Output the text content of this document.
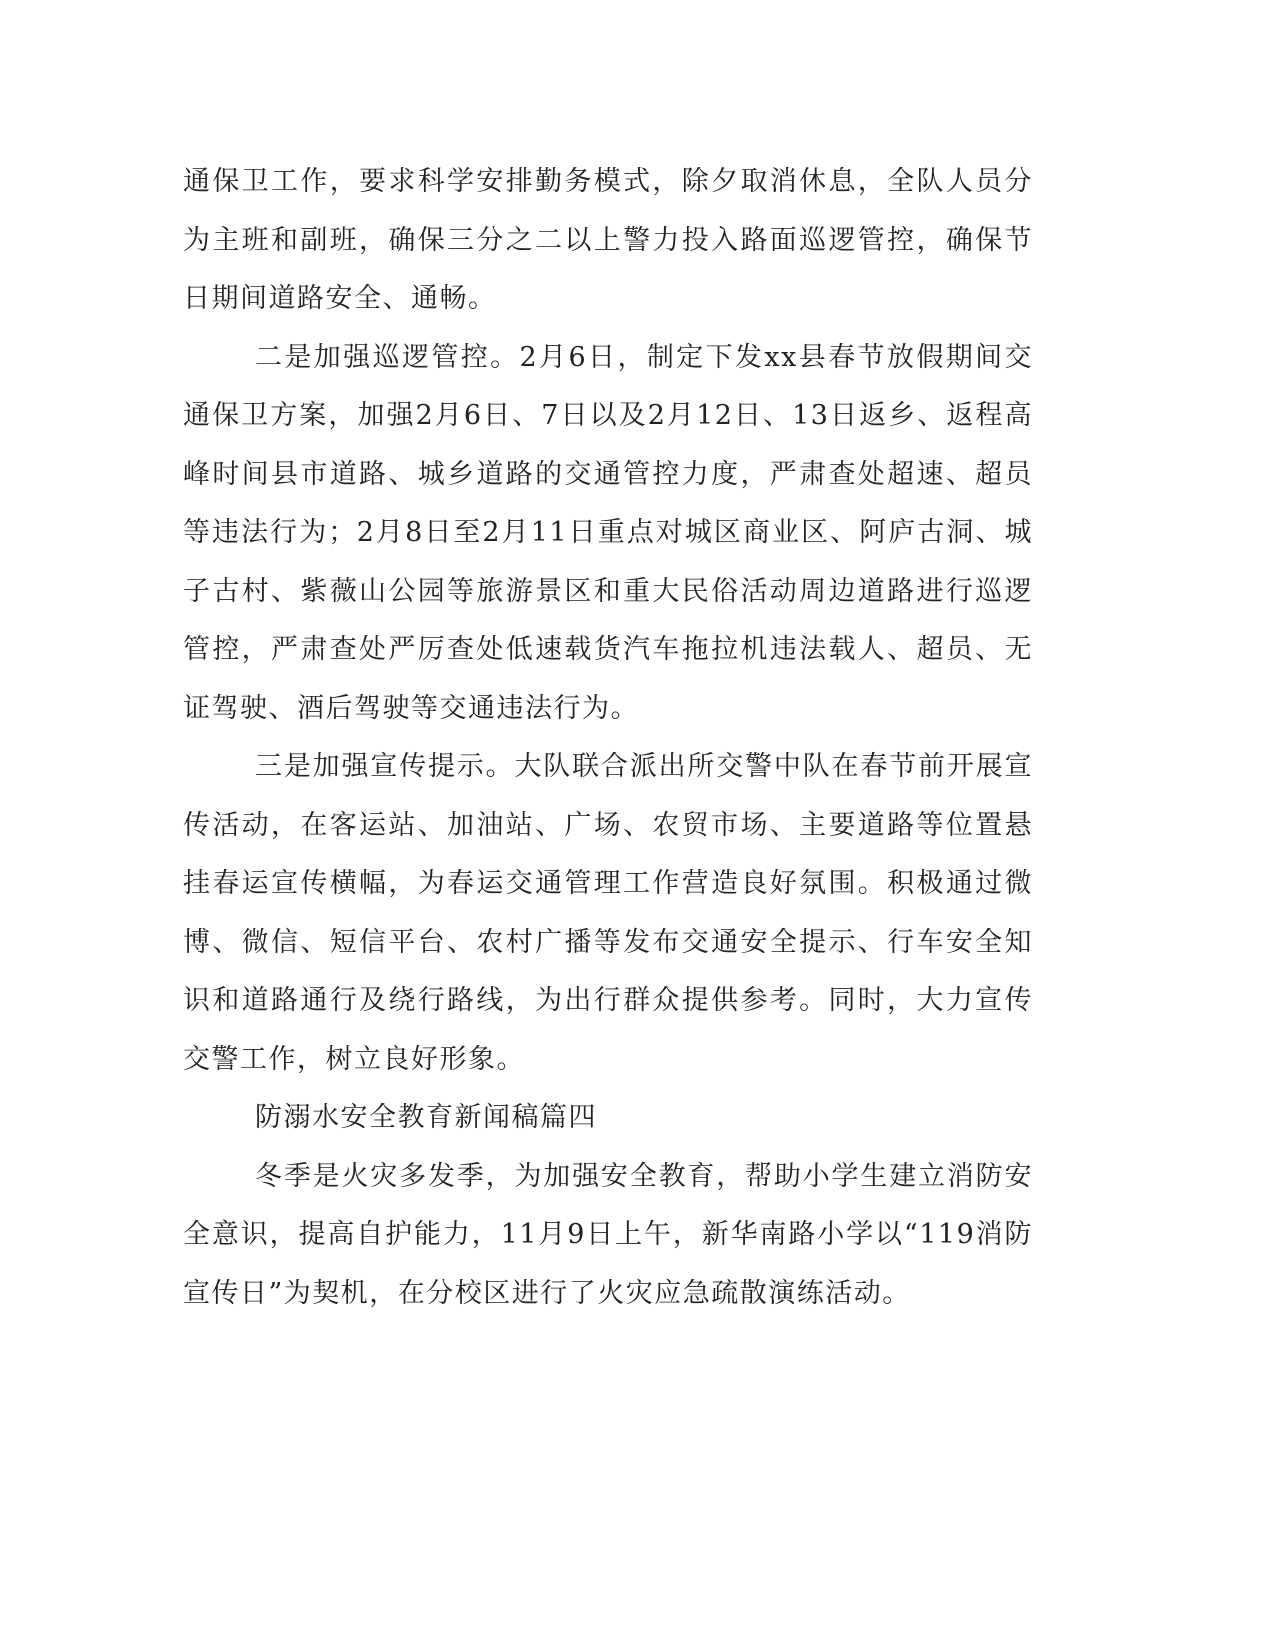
通保卫工作，要求科学安排勤务模式，除夕取消休息，全队人员分为主班和副班，确保三分之二以上警力投入路面巡逻管控，确保节日期间道路安全、通畅。

二是加强巡逻管控。2月6日，制定下发xx县春节放假期间交通保卫方案，加强2月6日、7日以及2月12日、13日返乡、返程高峰时间县市道路、城乡道路的交通管控力度，严肃查处超速、超员等违法行为；2月8日至2月11日重点对城区商业区、阿庐古洞、城子古村、紫薇山公园等旅游景区和重大民俗活动周边道路进行巡逻管控，严肃查处严厉查处低速载货汽车拖拉机违法载人、超员、无证驾驶、酒后驾驶等交通违法行为。

三是加强宣传提示。大队联合派出所交警中队在春节前开展宣传活动，在客运站、加油站、广场、农贸市场、主要道路等位置悬挂春运宣传横幅，为春运交通管理工作营造良好氛围。积极通过微博、微信、短信平台、农村广播等发布交通安全提示、行车安全知识和道路通行及绕行路线，为出行群众提供参考。同时，大力宣传交警工作，树立良好形象。

防溺水安全教育新闻稿篇四

冬季是火灾多发季，为加强安全教育，帮助小学生建立消防安全意识，提高自护能力，11月9日上午，新华南路小学以“119消防宣传日”为契机，在分校区进行了火灾应急疏散演练活动。
